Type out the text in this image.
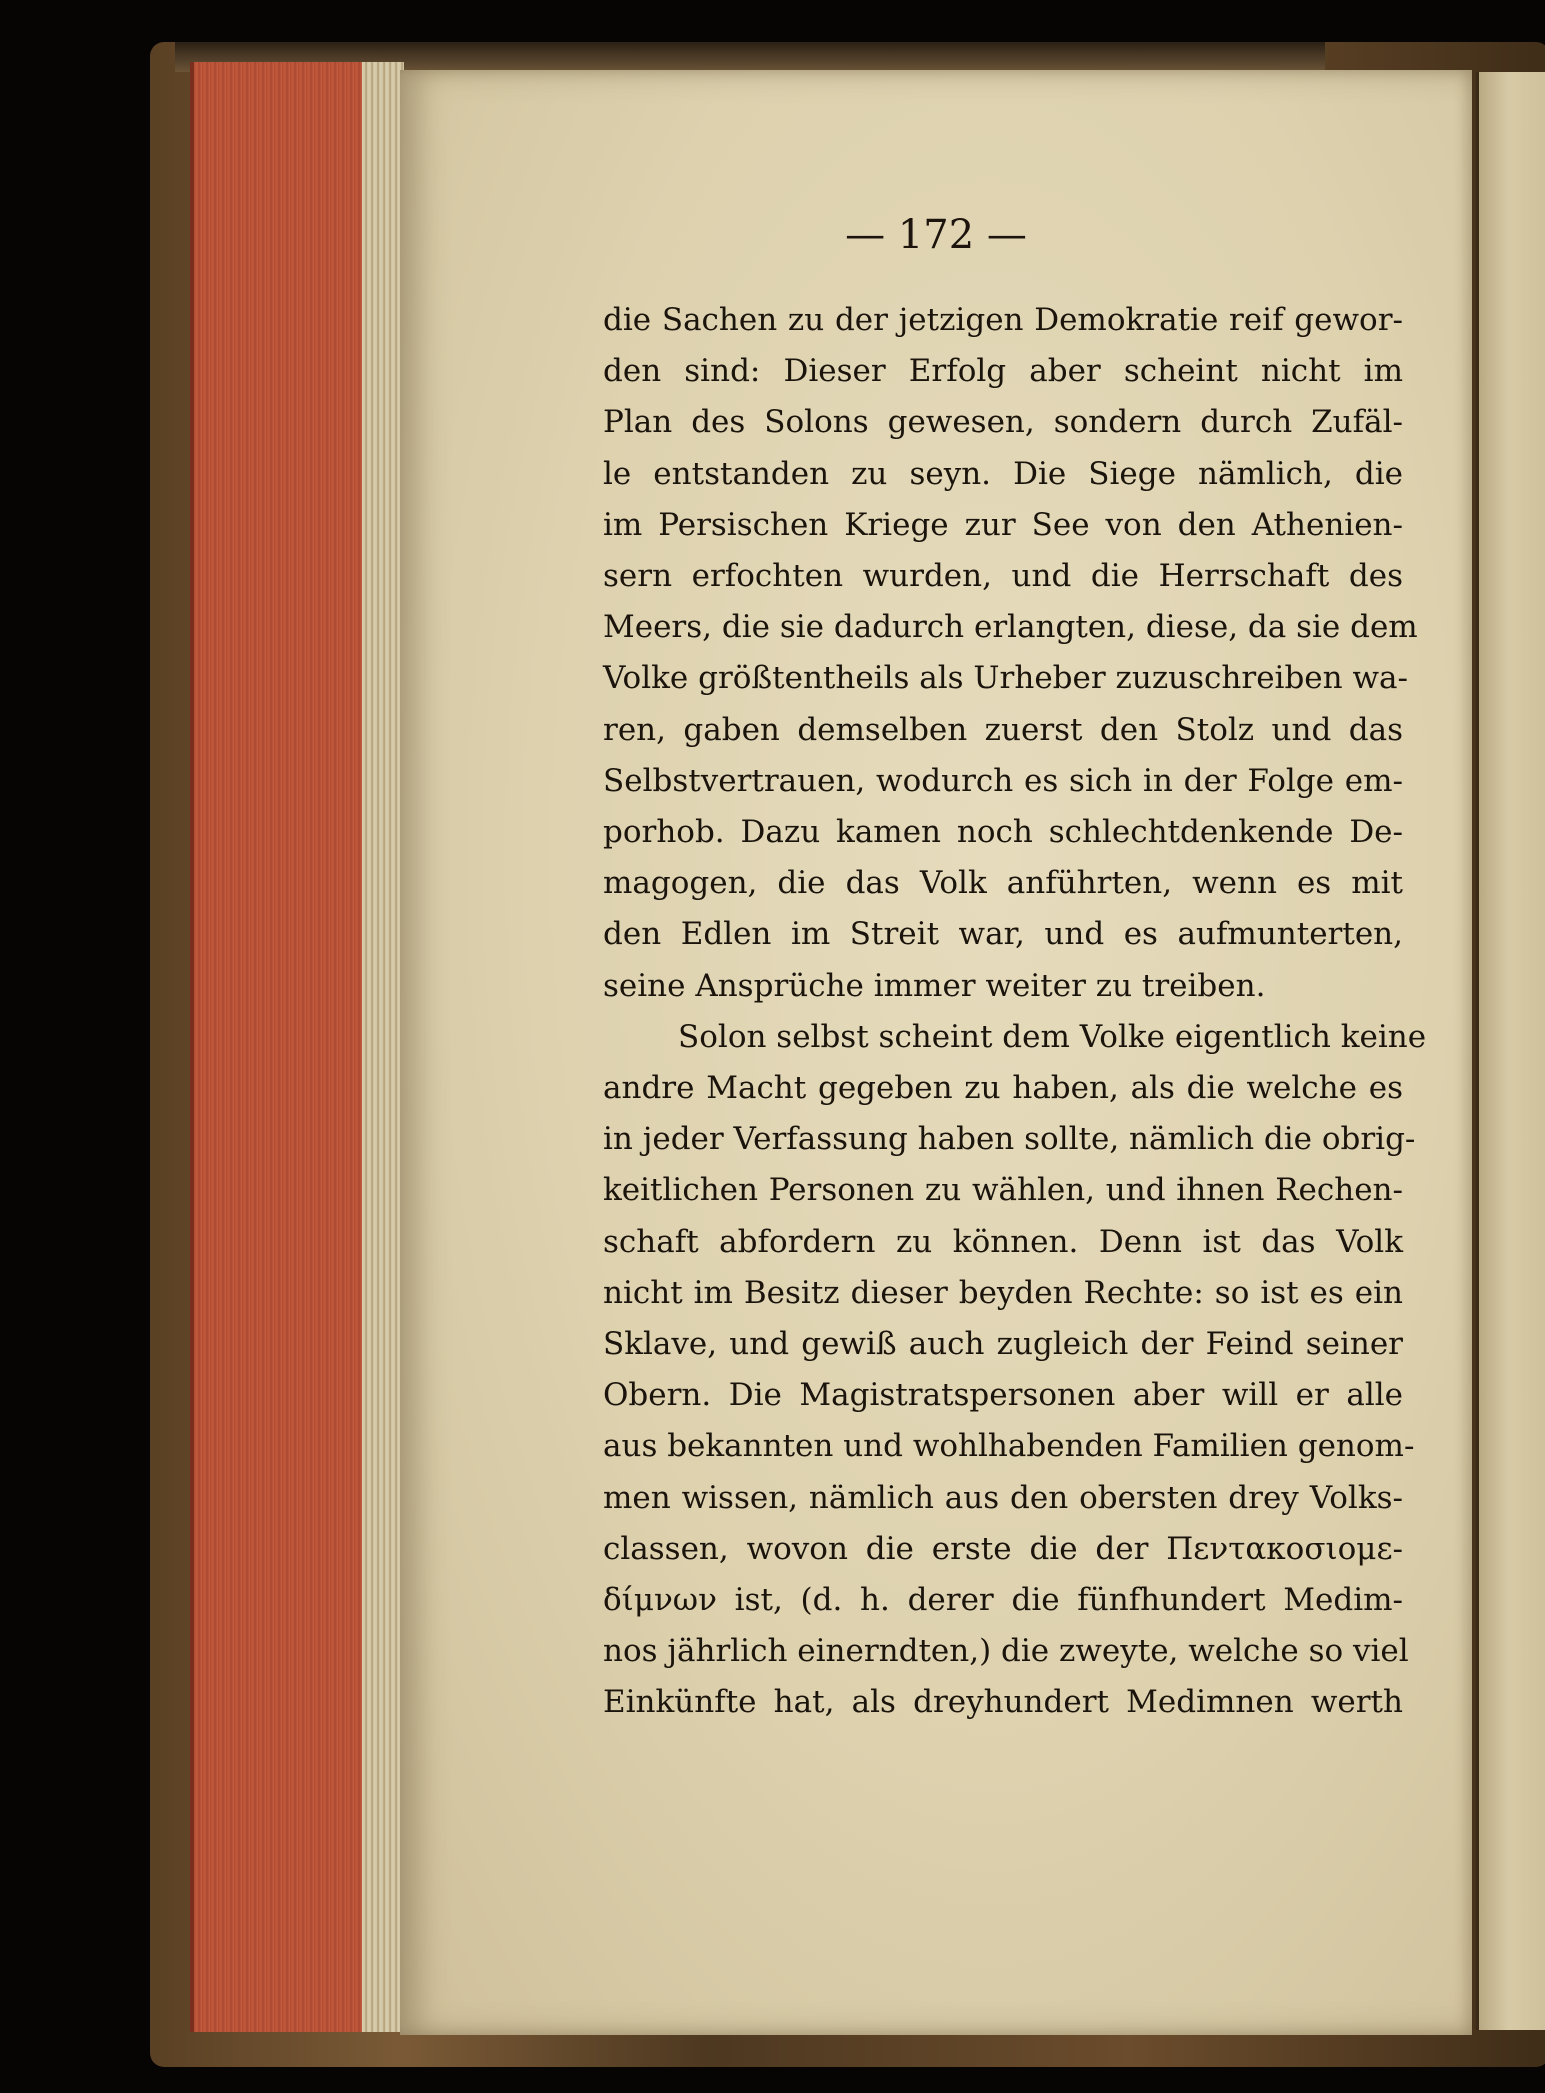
— 172 —
die Sachen zu der jetzigen Demokratie reif gewor-
den sind: Dieser Erfolg aber scheint nicht im
Plan des Solons gewesen, sondern durch Zufäl-
le entstanden zu seyn. Die Siege nämlich, die
im Persischen Kriege zur See von den Athenien-
sern erfochten wurden, und die Herrschaft des
Meers, die sie dadurch erlangten, diese, da sie dem
Volke größtentheils als Urheber zuzuschreiben wa-
ren, gaben demselben zuerst den Stolz und das
Selbstvertrauen, wodurch es sich in der Folge em-
porhob. Dazu kamen noch schlechtdenkende De-
magogen, die das Volk anführten, wenn es mit
den Edlen im Streit war, und es aufmunterten,
seine Ansprüche immer weiter zu treiben.
Solon selbst scheint dem Volke eigentlich keine
andre Macht gegeben zu haben, als die welche es
in jeder Verfassung haben sollte, nämlich die obrig-
keitlichen Personen zu wählen, und ihnen Rechen-
schaft abfordern zu können. Denn ist das Volk
nicht im Besitz dieser beyden Rechte: so ist es ein
Sklave, und gewiß auch zugleich der Feind seiner
Obern. Die Magistratspersonen aber will er alle
aus bekannten und wohlhabenden Familien genom-
men wissen, nämlich aus den obersten drey Volks-
classen, wovon die erste die der Πενταкοσιομε-
δίμνων ist, (d. h. derer die fünfhundert Medim-
nos jährlich einerndten,) die zweyte, welche so viel
Einkünfte hat, als dreyhundert Medimnen werth
